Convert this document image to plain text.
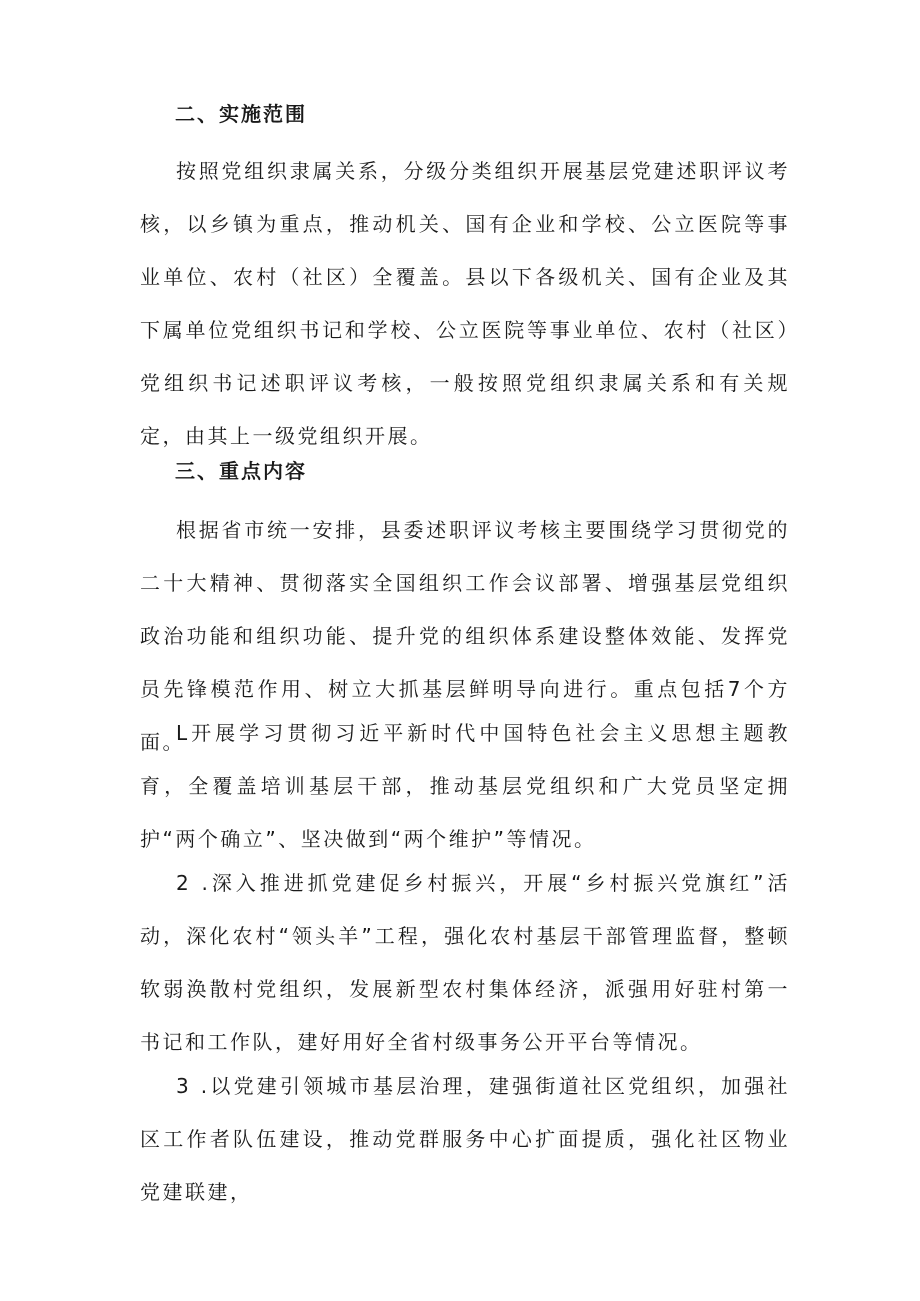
二、实施范围
按照党组织隶属关系，分级分类组织开展基层党建述职评议考核，以乡镇为重点，推动机关、国有企业和学校、公立医院等事业单位、农村（社区）全覆盖。县以下各级机关、国有企业及其下属单位党组织书记和学校、公立医院等事业单位、农村（社区）党组织书记述职评议考核，一般按照党组织隶属关系和有关规定，由其上一级党组织开展。
三、重点内容
根据省市统一安排，县委述职评议考核主要围绕学习贯彻党的二十大精神、贯彻落实全国组织工作会议部署、增强基层党组织政治功能和组织功能、提升党的组织体系建设整体效能、发挥党员先锋模范作用、树立大抓基层鲜明导向进行。重点包括7个方面。
L开展学习贯彻习近平新时代中国特色社会主义思想主题教育，全覆盖培训基层干部，推动基层党组织和广大党员坚定拥护“两个确立”、坚决做到“两个维护”等情况。
2 .深入推进抓党建促乡村振兴，开展“乡村振兴党旗红”活动，深化农村“领头羊”工程，强化农村基层干部管理监督，整顿软弱涣散村党组织，发展新型农村集体经济，派强用好驻村第一书记和工作队，建好用好全省村级事务公开平台等情况。
3 .以党建引领城市基层治理，建强街道社区党组织，加强社区工作者队伍建设，推动党群服务中心扩面提质，强化社区物业党建联建，
